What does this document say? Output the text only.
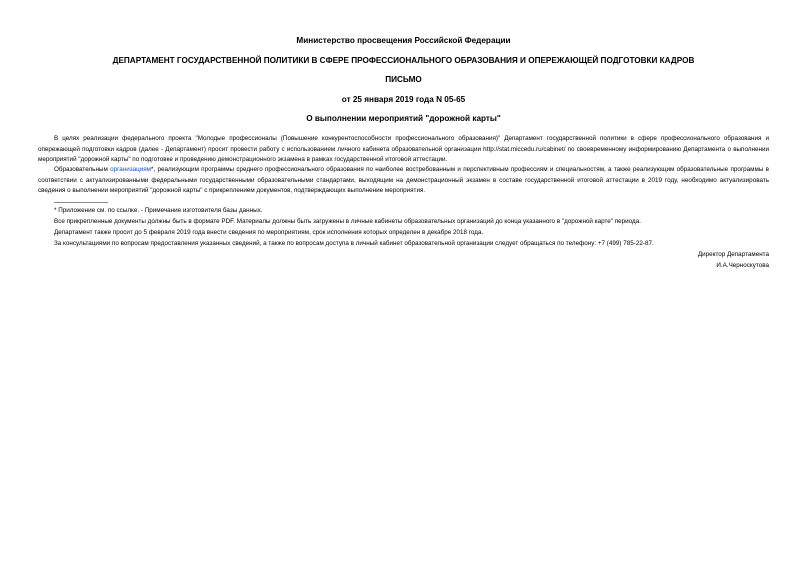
Министерство просвещения Российской Федерации
ДЕПАРТАМЕНТ ГОСУДАРСТВЕННОЙ ПОЛИТИКИ В СФЕРЕ ПРОФЕССИОНАЛЬНОГО ОБРАЗОВАНИЯ И ОПЕРЕЖАЮЩЕЙ ПОДГОТОВКИ КАДРОВ
ПИСЬМО
от 25 января 2019 года N 05-65
О выполнении мероприятий "дорожной карты"

В целях реализации федерального проекта "Молодые профессионалы (Повышение конкурентоспособности профессионального образования)" Департамент государственной политики в сфере профессионального образования и опережающей подготовки кадров (далее - Департамент) просит провести работу с использованием личного кабинета образовательной организации http://stat.miccedu.ru/cabinet/ по своевременному информированию Департамента о выполнении мероприятий "дорожной карты" по подготовке и проведению демонстрационного экзамена в рамках государственной итоговой аттестации.

Образовательным организациям*, реализующим программы среднего профессионального образования по наиболее востребованным и перспективным профессиям и специальностям, а также реализующим образовательные программы в соответствии с актуализированными федеральными государственными образовательными стандартами, выходящим на демонстрационный экзамен в составе государственной итоговой аттестации в 2019 году, необходимо актуализировать сведения о выполнении мероприятий "дорожной карты" с прикреплением документов, подтверждающих выполнение мероприятия.

* Приложение см. по ссылке. - Примечание изготовителя базы данных.
Все прикрепленные документы должны быть в формате PDF. Материалы должны быть загружены в личные кабинеты образовательных организаций до конца указанного в "дорожной карте" периода.
Департамент также просит до 5 февраля 2019 года внести сведения по мероприятиям, срок исполнения которых определен в декабре 2018 года.
За консультациями по вопросам предоставления указанных сведений, а также по вопросам доступа в личный кабинет образовательной организации следует обращаться по телефону: +7 (499) 785-22-87.
Директор Департамента
И.А.Черноскутова
